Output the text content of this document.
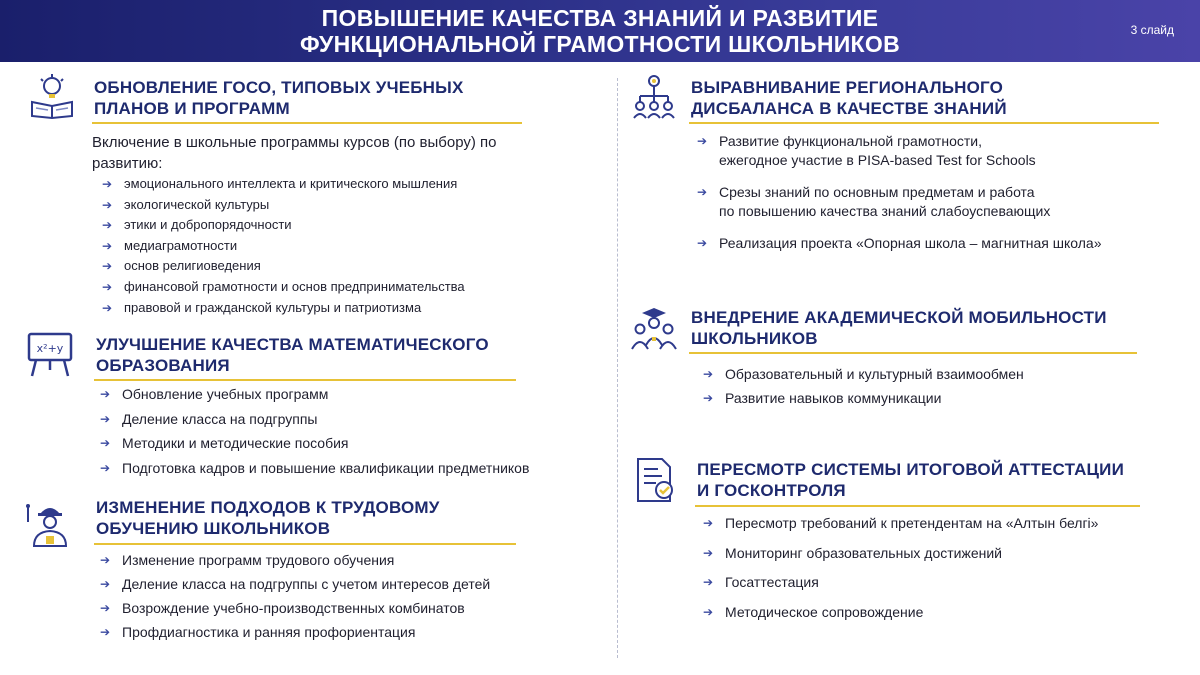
ПОВЫШЕНИЕ КАЧЕСТВА ЗНАНИЙ И РАЗВИТИЕ
ФУНКЦИОНАЛЬНОЙ ГРАМОТНОСТИ ШКОЛЬНИКОВ
3 слайд
ОБНОВЛЕНИЕ ГОСО, ТИПОВЫХ УЧЕБНЫХ
ПЛАНОВ И ПРОГРАММ
Включение в школьные программы курсов (по выбору) по
развитию:
➔ эмоционального интеллекта и критического мышления
➔ экологической культуры
➔ этики и добропорядочности
➔ медиаграмотности
➔ основ религиоведения
➔ финансовой грамотности и основ предпринимательства
➔ правовой и гражданской культуры и патриотизма
x²+y УЛУЧШЕНИЕ КАЧЕСТВА МАТЕМАТИЧЕСКОГО
ОБРАЗОВАНИЯ
➔ Обновление учебных программ
➔ Деление класса на подгруппы
➔ Методики и методические пособия
➔ Подготовка кадров и повышение квалификации предметников
ИЗМЕНЕНИЕ ПОДХОДОВ К ТРУДОВОМУ
ОБУЧЕНИЮ ШКОЛЬНИКОВ
➔ Изменение программ трудового обучения
➔ Деление класса на подгруппы с учетом интересов детей
➔ Возрождение учебно-производственных комбинатов
➔ Профдиагностика и ранняя профориентация
ВЫРАВНИВАНИЕ РЕГИОНАЛЬНОГО
ДИСБАЛАНСА В КАЧЕСТВЕ ЗНАНИЙ
➔ Развитие функциональной грамотности,
ежегодное участие в PISA-based Test for Schools
➔ Срезы знаний по основным предметам и работа
по повышению качества знаний слабоуспевающих
➔ Реализация проекта «Опорная школа – магнитная школа»
ВНЕДРЕНИЕ АКАДЕМИЧЕСКОЙ МОБИЛЬНОСТИ
ШКОЛЬНИКОВ
➔ Образовательный и культурный взаимообмен
➔ Развитие навыков коммуникации
ПЕРЕСМОТР СИСТЕМЫ ИТОГОВОЙ АТТЕСТАЦИИ
И ГОСКОНТРОЛЯ
➔ Пересмотр требований к претендентам на «Алтын белгі»
➔ Мониторинг образовательных достижений
➔ Госаттестация
➔ Методическое сопровождение
